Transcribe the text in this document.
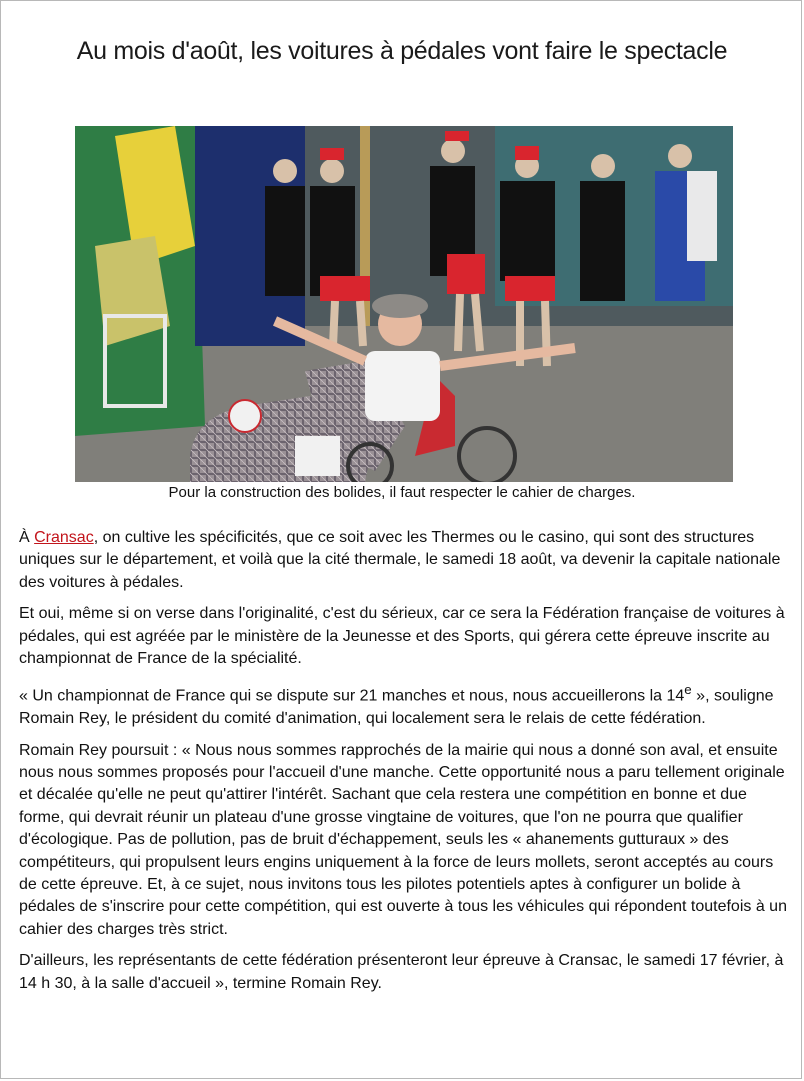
Au mois d'août, les voitures à pédales vont faire le spectacle
Pour la construction des bolides, il faut respecter le cahier de charges.

À Cransac, on cultive les spécificités, que ce soit avec les Thermes ou le casino, qui sont des structures uniques sur le département, et voilà que la cité thermale, le samedi 18 août, va devenir la capitale nationale des voitures à pédales.

Et oui, même si on verse dans l'originalité, c'est du sérieux, car ce sera la Fédération française de voitures à pédales, qui est agréée par le ministère de la Jeunesse et des Sports, qui gérera cette épreuve inscrite au championnat de France de la spécialité.

« Un championnat de France qui se dispute sur 21 manches et nous, nous accueillerons la 14e », souligne Romain Rey, le président du comité d'animation, qui localement sera le relais de cette fédération.

Romain Rey poursuit : « Nous nous sommes rapprochés de la mairie qui nous a donné son aval, et ensuite nous nous sommes proposés pour l'accueil d'une manche. Cette opportunité nous a paru tellement originale et décalée qu'elle ne peut qu'attirer l'intérêt. Sachant que cela restera une compétition en bonne et due forme, qui devrait réunir un plateau d'une grosse vingtaine de voitures, que l'on ne pourra que qualifier d'écologique. Pas de pollution, pas de bruit d'échappement, seuls les « ahanements gutturaux » des compétiteurs, qui propulsent leurs engins uniquement à la force de leurs mollets, seront acceptés au cours de cette épreuve. Et, à ce sujet, nous invitons tous les pilotes potentiels aptes à configurer un bolide à pédales de s'inscrire pour cette compétition, qui est ouverte à tous les véhicules qui répondent toutefois à un cahier des charges très strict.

D'ailleurs, les représentants de cette fédération présenteront leur épreuve à Cransac, le samedi 17 février, à 14 h 30, à la salle d'accueil », termine Romain Rey.
